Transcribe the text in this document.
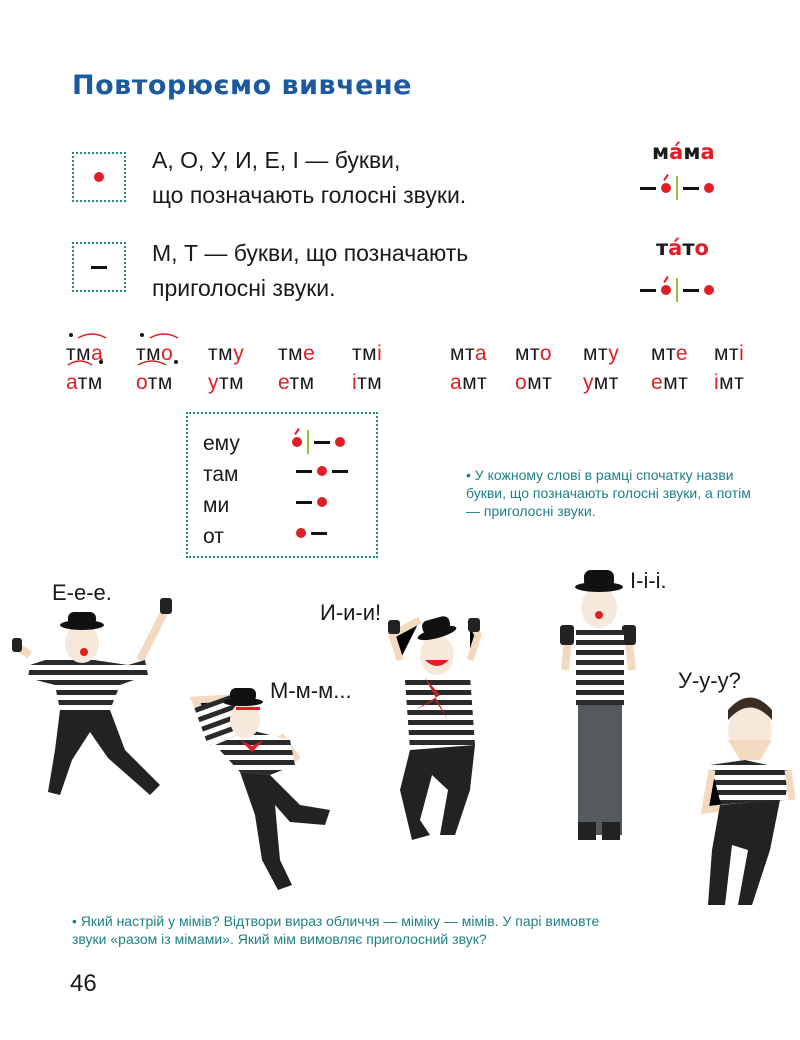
Повторюємо вивчене
А, О, У, И, Е, І — букви,
що позначають голосні звуки.
М, Т — букви, що позначають
приголосні звуки.
мáма
тáто
тма тмо тму тме тмі
атм отм утм етм ітм
мта мто мту мте мті
амт омт умт емт імт
ему
там
ми
от
• У кожному слові в рамці спочатку назви букви, що позначають голосні звуки, а потім — приголосні звуки.
Е-е-е.
М-м-м...
И-и-и!
І-і-і.
У-у-у?
• Який настрій у мімів? Відтвори вираз обличчя — міміку — мімів. У парі вимовте
звуки «разом із мімами». Який мім вимовляє приголосний звук?
46
